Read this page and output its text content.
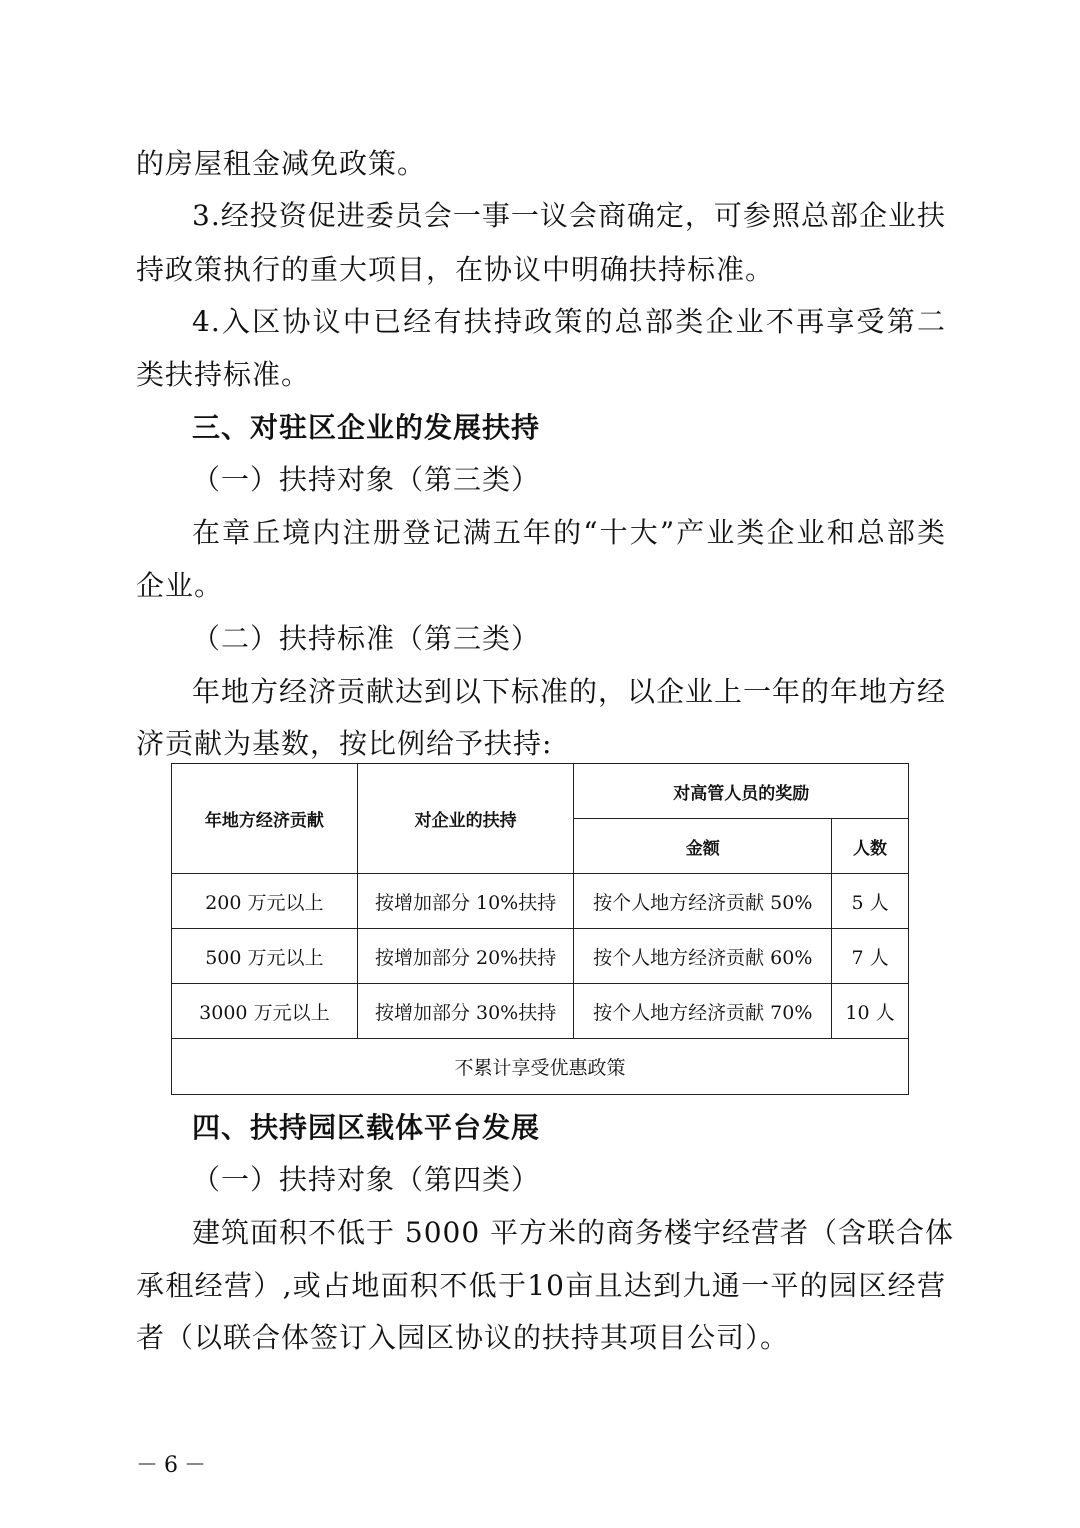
的房屋租金减免政策。
3.经投资促进委员会一事一议会商确定，可参照总部企业扶
持政策执行的重大项目，在协议中明确扶持标准。
4.入区协议中已经有扶持政策的总部类企业不再享受第二
类扶持标准。
三、对驻区企业的发展扶持
（一）扶持对象（第三类）
在章丘境内注册登记满五年的“十大”产业类企业和总部类
企业。
（二）扶持标准（第三类）
年地方经济贡献达到以下标准的，以企业上一年的年地方经
济贡献为基数，按比例给予扶持:
年地方经济贡献	对企业的扶持	对高管人员的奖励	
		金额	人数
200 万元以上	按增加部分 10%扶持	按个人地方经济贡献 50%	5 人
500 万元以上	按增加部分 20%扶持	按个人地方经济贡献 60%	7 人
3000 万元以上	按增加部分 30%扶持	按个人地方经济贡献 70%	10 人
不累计享受优惠政策			
四、扶持园区载体平台发展
（一）扶持对象（第四类）
建筑面积不低于 5000 平方米的商务楼宇经营者（含联合体
承租经营）,或占地面积不低于10亩且达到九通一平的园区经营
者（以联合体签订入园区协议的扶持其项目公司）。
－6－
